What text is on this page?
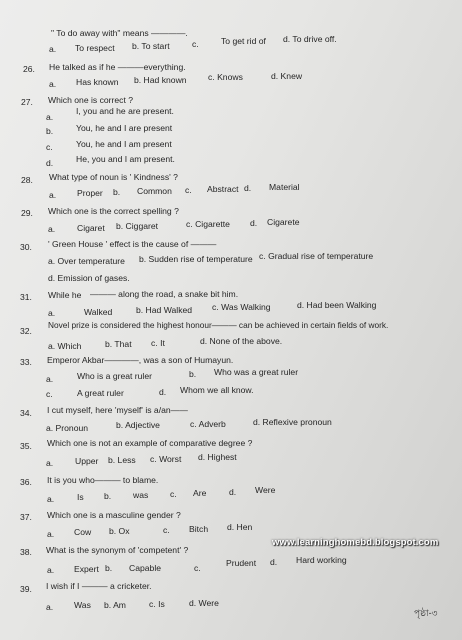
" To do away with" means ————.
a. To respect b. To start	c.	To get rid of d. To drive off.
26. He talked as if he ———everything.
a. Has known b. Had known c. Knows	d. Knew
27. Which one is correct ?
a.
I, you and he are present.
b.	You, he and I are present
c.	You, he and I am present
d.	He, you and I am present.
28. What type of noun is ' Kindness' ?
a. Proper b. Common c. Abstract d. Material
29. Which one is the correct spelling ?
a.	Cigaret b. Ciggaret	c. Cigarette d. Cigarete
30. ' Green House ' effect is the cause of ———
a. Over temperature b. Sudden rise of temperature c. Gradual rise of temperature
d. Emission of gases.
31. While he ——— along the road, a snake bit him.
a.	Walked	b. Had Walked c. Was Walking	d. Had been Walking
32.
Novel prize is considered the highest honour——— can be achieved in certain fields of work.
a. Which	b. That c. It	d. None of the above.
33. Emperor Akbar————, was a son of Humayun.
a.	Who is a great ruler	b. Who was a great ruler
c.	A great ruler	d. Whom we all know.
34. I cut myself, here 'myself' is a/an——
a. Pronoun	b. Adjective	c. Adverb	d. Reflexive pronoun
35. Which one is not an example of comparative degree ?
a.	Upper b. Less c. Worst d. Highest
36. It is you who——— to blame.
a.	Is b.	was	c. Are	d. Were
37. Which one is a masculine gender ?
a. Cow b. Ox	c. Bitch d. Hen
38. What is the synonym of 'competent' ?
a. Expert b. Capable	c.	Prudent d. Hard working
39. I wish if I ——— a cricketer.
a. Was b. Am	c. Is	d. Were
www.learninghomebd.blogspot.com
পৃষ্ঠা-৩
